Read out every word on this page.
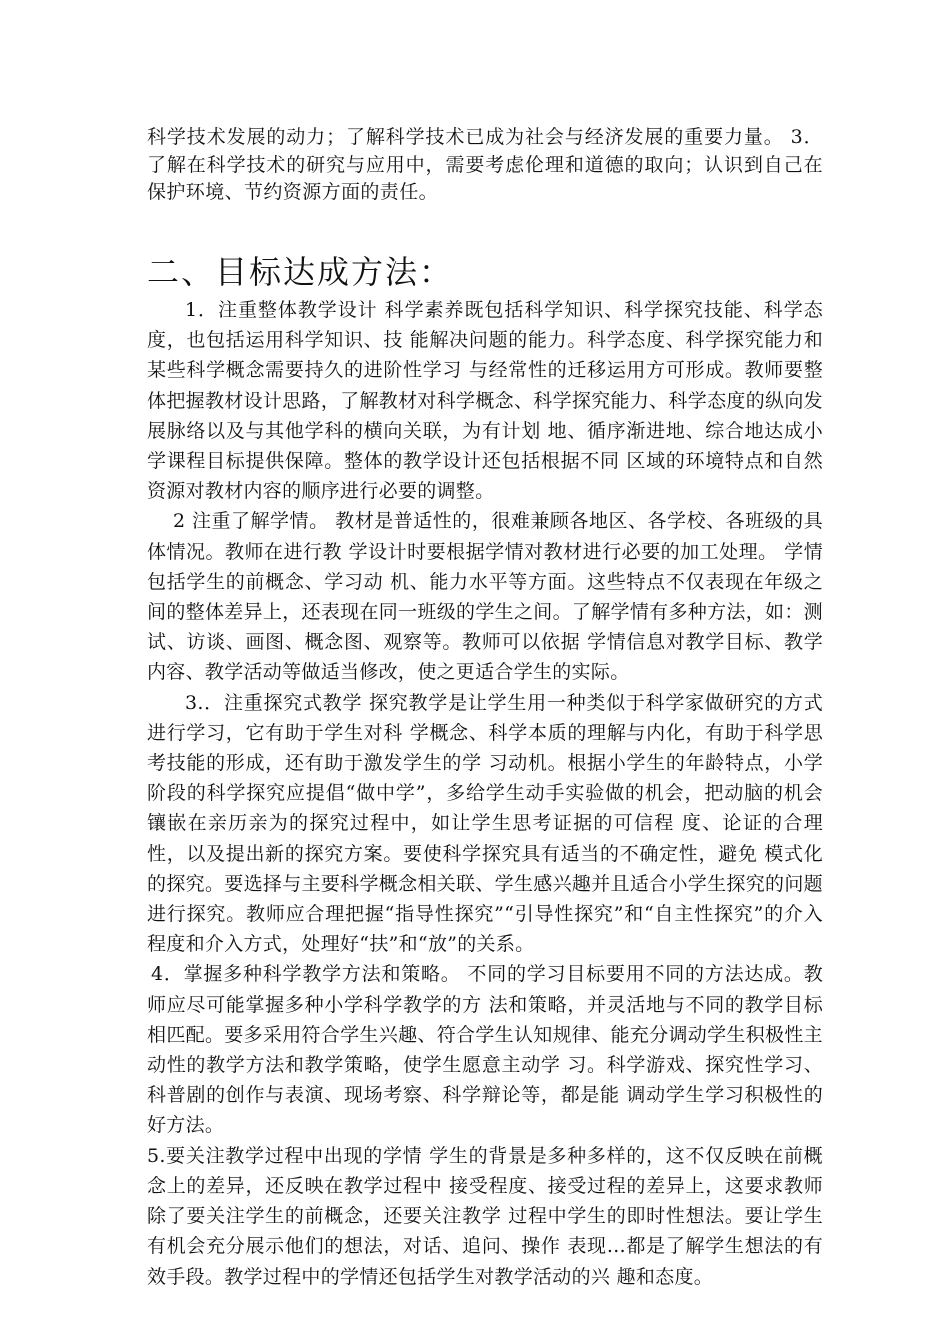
科学技术发展的动力；了解科学技术已成为社会与经济发展的重要力量。 3．了解在科学技术的研究与应用中，需要考虑伦理和道德的取向；认识到自己在 保护环境、节约资源方面的责任。

二、目标达成方法：

1．注重整体教学设计 科学素养既包括科学知识、科学探究技能、科学态度，也包括运用科学知识、技 能解决问题的能力。科学态度、科学探究能力和某些科学概念需要持久的进阶性学习 与经常性的迁移运用方可形成。教师要整体把握教材设计思路，了解教材对科学概念、科学探究能力、科学态度的纵向发展脉络以及与其他学科的横向关联，为有计划 地、循序渐进地、综合地达成小学课程目标提供保障。整体的教学设计还包括根据不同 区域的环境特点和自然资源对教材内容的顺序进行必要的调整。

2 注重了解学情。 教材是普适性的，很难兼顾各地区、各学校、各班级的具体情况。教师在进行教 学设计时要根据学情对教材进行必要的加工处理。 学情包括学生的前概念、学习动 机、能力水平等方面。这些特点不仅表现在年级之间的整体差异上，还表现在同一班级的学生之间。了解学情有多种方法，如：测试、访谈、画图、概念图、观察等。教师可以依据 学情信息对教学目标、教学内容、教学活动等做适当修改，使之更适合学生的实际。

3.．注重探究式教学 探究教学是让学生用一种类似于科学家做研究的方式进行学习，它有助于学生对科 学概念、科学本质的理解与内化，有助于科学思考技能的形成，还有助于激发学生的学 习动机。根据小学生的年龄特点，小学阶段的科学探究应提倡“做中学”，多给学生动手实验做的机会，把动脑的机会镶嵌在亲历亲为的探究过程中，如让学生思考证据的可信程 度、论证的合理性，以及提出新的探究方案。要使科学探究具有适当的不确定性，避免 模式化的探究。要选择与主要科学概念相关联、学生感兴趣并且适合小学生探究的问题进行探究。教师应合理把握“指导性探究”“引导性探究”和“自主性探究”的介入 程度和介入方式，处理好“扶”和“放”的关系。

4．掌握多种科学教学方法和策略。 不同的学习目标要用不同的方法达成。教师应尽可能掌握多种小学科学教学的方 法和策略，并灵活地与不同的教学目标相匹配。要多采用符合学生兴趣、符合学生认知规律、能充分调动学生积极性主动性的教学方法和教学策略，使学生愿意主动学 习。科学游戏、探究性学习、科普剧的创作与表演、现场考察、科学辩论等，都是能 调动学生学习积极性的好方法。

5.要关注教学过程中出现的学情 学生的背景是多种多样的，这不仅反映在前概念上的差异，还反映在教学过程中 接受程度、接受过程的差异上，这要求教师除了要关注学生的前概念，还要关注教学 过程中学生的即时性想法。要让学生有机会充分展示他们的想法，对话、追问、操作 表现…都是了解学生想法的有效手段。教学过程中的学情还包括学生对教学活动的兴 趣和态度。
